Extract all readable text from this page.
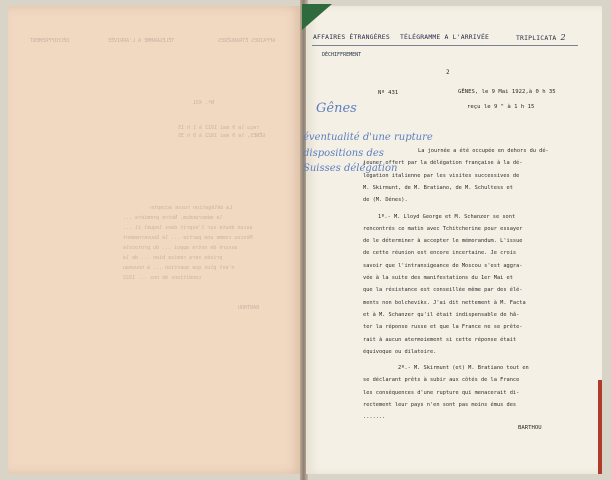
DÉCHIFFREMENT	TÉLÉGRAMME A L'ARRIVÉE	AFFAIRES ÉTRANGÈRES
Nº. 431
reçu le 9 mai 1922 à 1 h 15
GÊNES, le 9 mai 1922 à 0 h 35
La délégation russe accepte-
le mémorandum. Notre première ...
aucun doute sur l'esprit dans lequel il ...
Moscou comme une partie ... le Gouvernement
assuré de notre appui ... du protocole
privée sera remise bien ... de la
n'est plus que question ... à nouveau
conditions de nos ... 1922
BARTHOU
AFFAIRES ÉTRANGÈRES TÉLÉGRAMME A L'ARRIVÉE	TRIPLICATA 2
DÉCHIFFREMENT
2
Nº 431	GÊNES, le 9 Mai 1922,à 0 h 35
reçu le 9 " à 1 h 15
Gênes
éventualité d'une rupture
dispositions des
Suisses délégation
La journée a été occupée en dehors du dé-
jeuner offert par la délégation française à la dé-
légation italienne par les visites successives de
M. Skirmunt, de M. Bratiano, de M. Schultess et
de (M. Dénes).
1º.- M. Lloyd George et M. Schanzer se sont
rencontrés ce matin avec Tchitcherine pour essayer
de le déterminer à accepter le mémorandum. L'issue
de cette réunion est encore incertaine. Je crois
savoir que l'intransigeance de Moscou s'est aggra-
vée à la suite des manifestations du 1er Mai et
que la résistance est conseillée même par des élé-
ments non bolcheviks. J'ai dit nettement à M. Facta
et à M. Schanzer qu'il était indispensable de hâ-
ter la réponse russe et que la France ne se prête-
rait à aucun atermoiement si cette réponse était
équivoque ou dilatoire.
2º.- M. Skirmunt (et) M. Bratiano tout en
se déclarant prêts à subir aux côtés de la France
les conséquences d'une rupture qui menacerait di-
rectement leur pays n'en sont pas moins émus des
.......
BARTHOU
